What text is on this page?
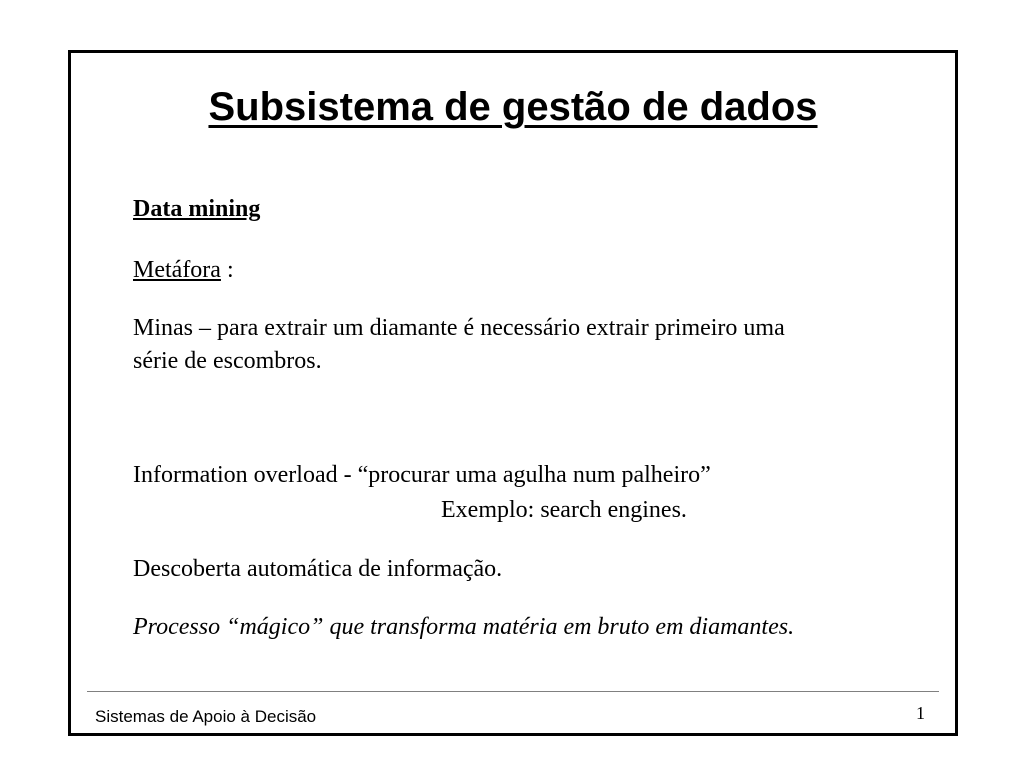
Subsistema de gestão de dados
Data mining
Metáfora :
Minas – para extrair um diamante é necessário extrair primeiro uma
série de escombros.
Information overload - “procurar uma agulha num palheiro”
Exemplo: search engines.
Descoberta automática de informação.
Processo “mágico” que transforma matéria em bruto em diamantes.
Sistemas de Apoio à Decisão	1
